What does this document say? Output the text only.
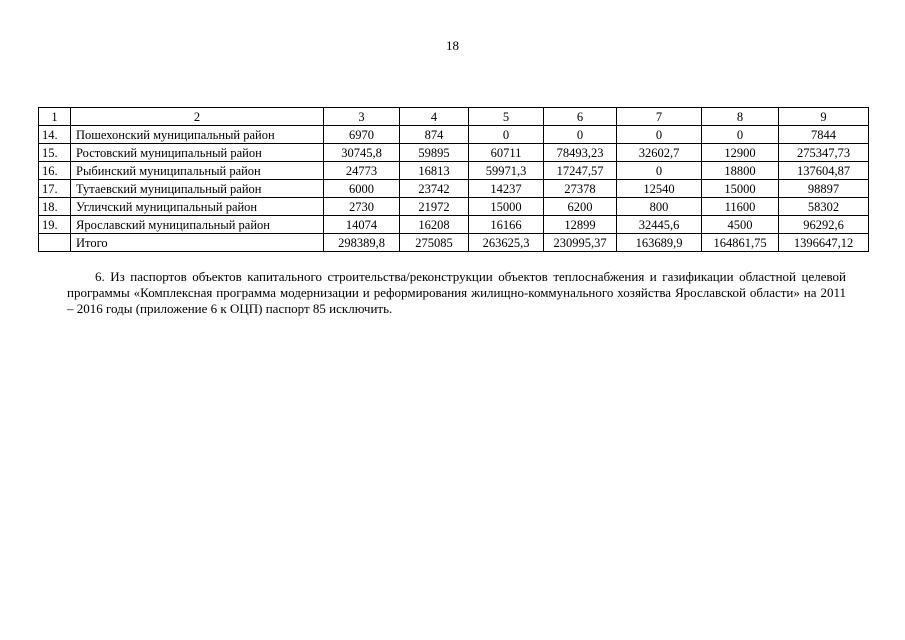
18
1	2	3	4	5	6	7	8	9
14.	Пошехонский муниципальный район	6970	874	0	0	0	0	7844
15.	Ростовский муниципальный район	30745,8	59895	60711	78493,23	32602,7	12900	275347,73
16.	Рыбинский муниципальный район	24773	16813	59971,3	17247,57	0	18800	137604,87
17.	Тутаевский муниципальный район	6000	23742	14237	27378	12540	15000	98897
18.	Угличский муниципальный район	2730	21972	15000	6200	800	11600	58302
19.	Ярославский муниципальный район	14074	16208	16166	12899	32445,6	4500	96292,6
	Итого	298389,8	275085	263625,3	230995,37	163689,9	164861,75	1396647,12
6. Из паспортов объектов капитального строительства/реконструкции объектов теплоснабжения и газификации областной целевой программы «Комплексная программа модернизации и реформирования жилищно-коммунального хозяйства Ярославской области» на 2011 – 2016 годы (приложение 6 к ОЦП) паспорт 85 исключить.
